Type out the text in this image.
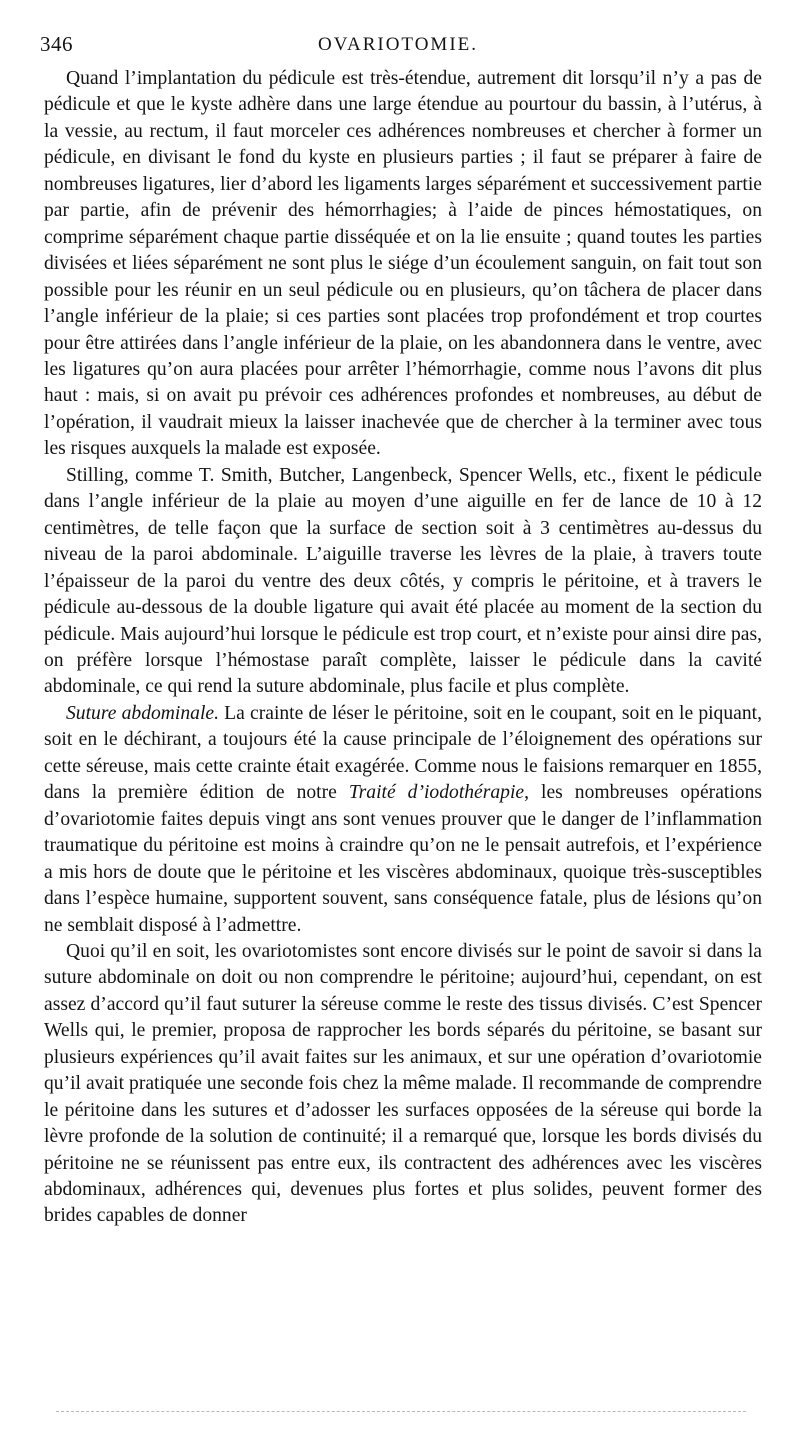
346	OVARIOTOMIE.

Quand l’implantation du pédicule est très-étendue, autrement dit lorsqu’il n’y a pas de pédicule et que le kyste adhère dans une large étendue au pourtour du bassin, à l’utérus, à la vessie, au rectum, il faut morceler ces adhérences nombreuses et chercher à former un pédicule, en divisant le fond du kyste en plusieurs parties ; il faut se préparer à faire de nombreuses ligatures, lier d’abord les ligaments larges séparément et successivement partie par partie, afin de prévenir des hémorrhagies; à l’aide de pinces hémostatiques, on comprime séparément chaque partie disséquée et on la lie ensuite ; quand toutes les parties divisées et liées séparément ne sont plus le siége d’un écoulement sanguin, on fait tout son possible pour les réunir en un seul pédicule ou en plusieurs, qu’on tâchera de placer dans l’angle inférieur de la plaie; si ces parties sont placées trop profondément et trop courtes pour être attirées dans l’angle inférieur de la plaie, on les abandonnera dans le ventre, avec les ligatures qu’on aura placées pour arrêter l’hémorrhagie, comme nous l’avons dit plus haut : mais, si on avait pu prévoir ces adhérences profondes et nombreuses, au début de l’opération, il vaudrait mieux la laisser inachevée que de chercher à la terminer avec tous les risques auxquels la malade est exposée.

Stilling, comme T. Smith, Butcher, Langenbeck, Spencer Wells, etc., fixent le pédicule dans l’angle inférieur de la plaie au moyen d’une aiguille en fer de lance de 10 à 12 centimètres, de telle façon que la surface de section soit à 3 centimètres au-dessus du niveau de la paroi abdominale. L’aiguille traverse les lèvres de la plaie, à travers toute l’épaisseur de la paroi du ventre des deux côtés, y compris le péritoine, et à travers le pédicule au-dessous de la double ligature qui avait été placée au moment de la section du pédicule. Mais aujourd’hui lorsque le pédicule est trop court, et n’existe pour ainsi dire pas, on préfère lorsque l’hémostase paraît complète, laisser le pédicule dans la cavité abdominale, ce qui rend la suture abdominale, plus facile et plus complète.

Suture abdominale. La crainte de léser le péritoine, soit en le coupant, soit en le piquant, soit en le déchirant, a toujours été la cause principale de l’éloignement des opérations sur cette séreuse, mais cette crainte était exagérée. Comme nous le faisions remarquer en 1855, dans la première édition de notre Traité d’iodothérapie, les nombreuses opérations d’ovariotomie faites depuis vingt ans sont venues prouver que le danger de l’inflammation traumatique du péritoine est moins à craindre qu’on ne le pensait autrefois, et l’expérience a mis hors de doute que le péritoine et les viscères abdominaux, quoique très-susceptibles dans l’espèce humaine, supportent souvent, sans conséquence fatale, plus de lésions qu’on ne semblait disposé à l’admettre.

Quoi qu’il en soit, les ovariotomistes sont encore divisés sur le point de savoir si dans la suture abdominale on doit ou non comprendre le péritoine; aujourd’hui, cependant, on est assez d’accord qu’il faut suturer la séreuse comme le reste des tissus divisés. C’est Spencer Wells qui, le premier, proposa de rapprocher les bords séparés du péritoine, se basant sur plusieurs expériences qu’il avait faites sur les animaux, et sur une opération d’ovariotomie qu’il avait pratiquée une seconde fois chez la même malade. Il recommande de comprendre le péritoine dans les sutures et d’adosser les surfaces opposées de la séreuse qui borde la lèvre profonde de la solution de continuité; il a remarqué que, lorsque les bords divisés du péritoine ne se réunissent pas entre eux, ils contractent des adhérences avec les viscères abdominaux, adhérences qui, devenues plus fortes et plus solides, peuvent former des brides capables de donner
